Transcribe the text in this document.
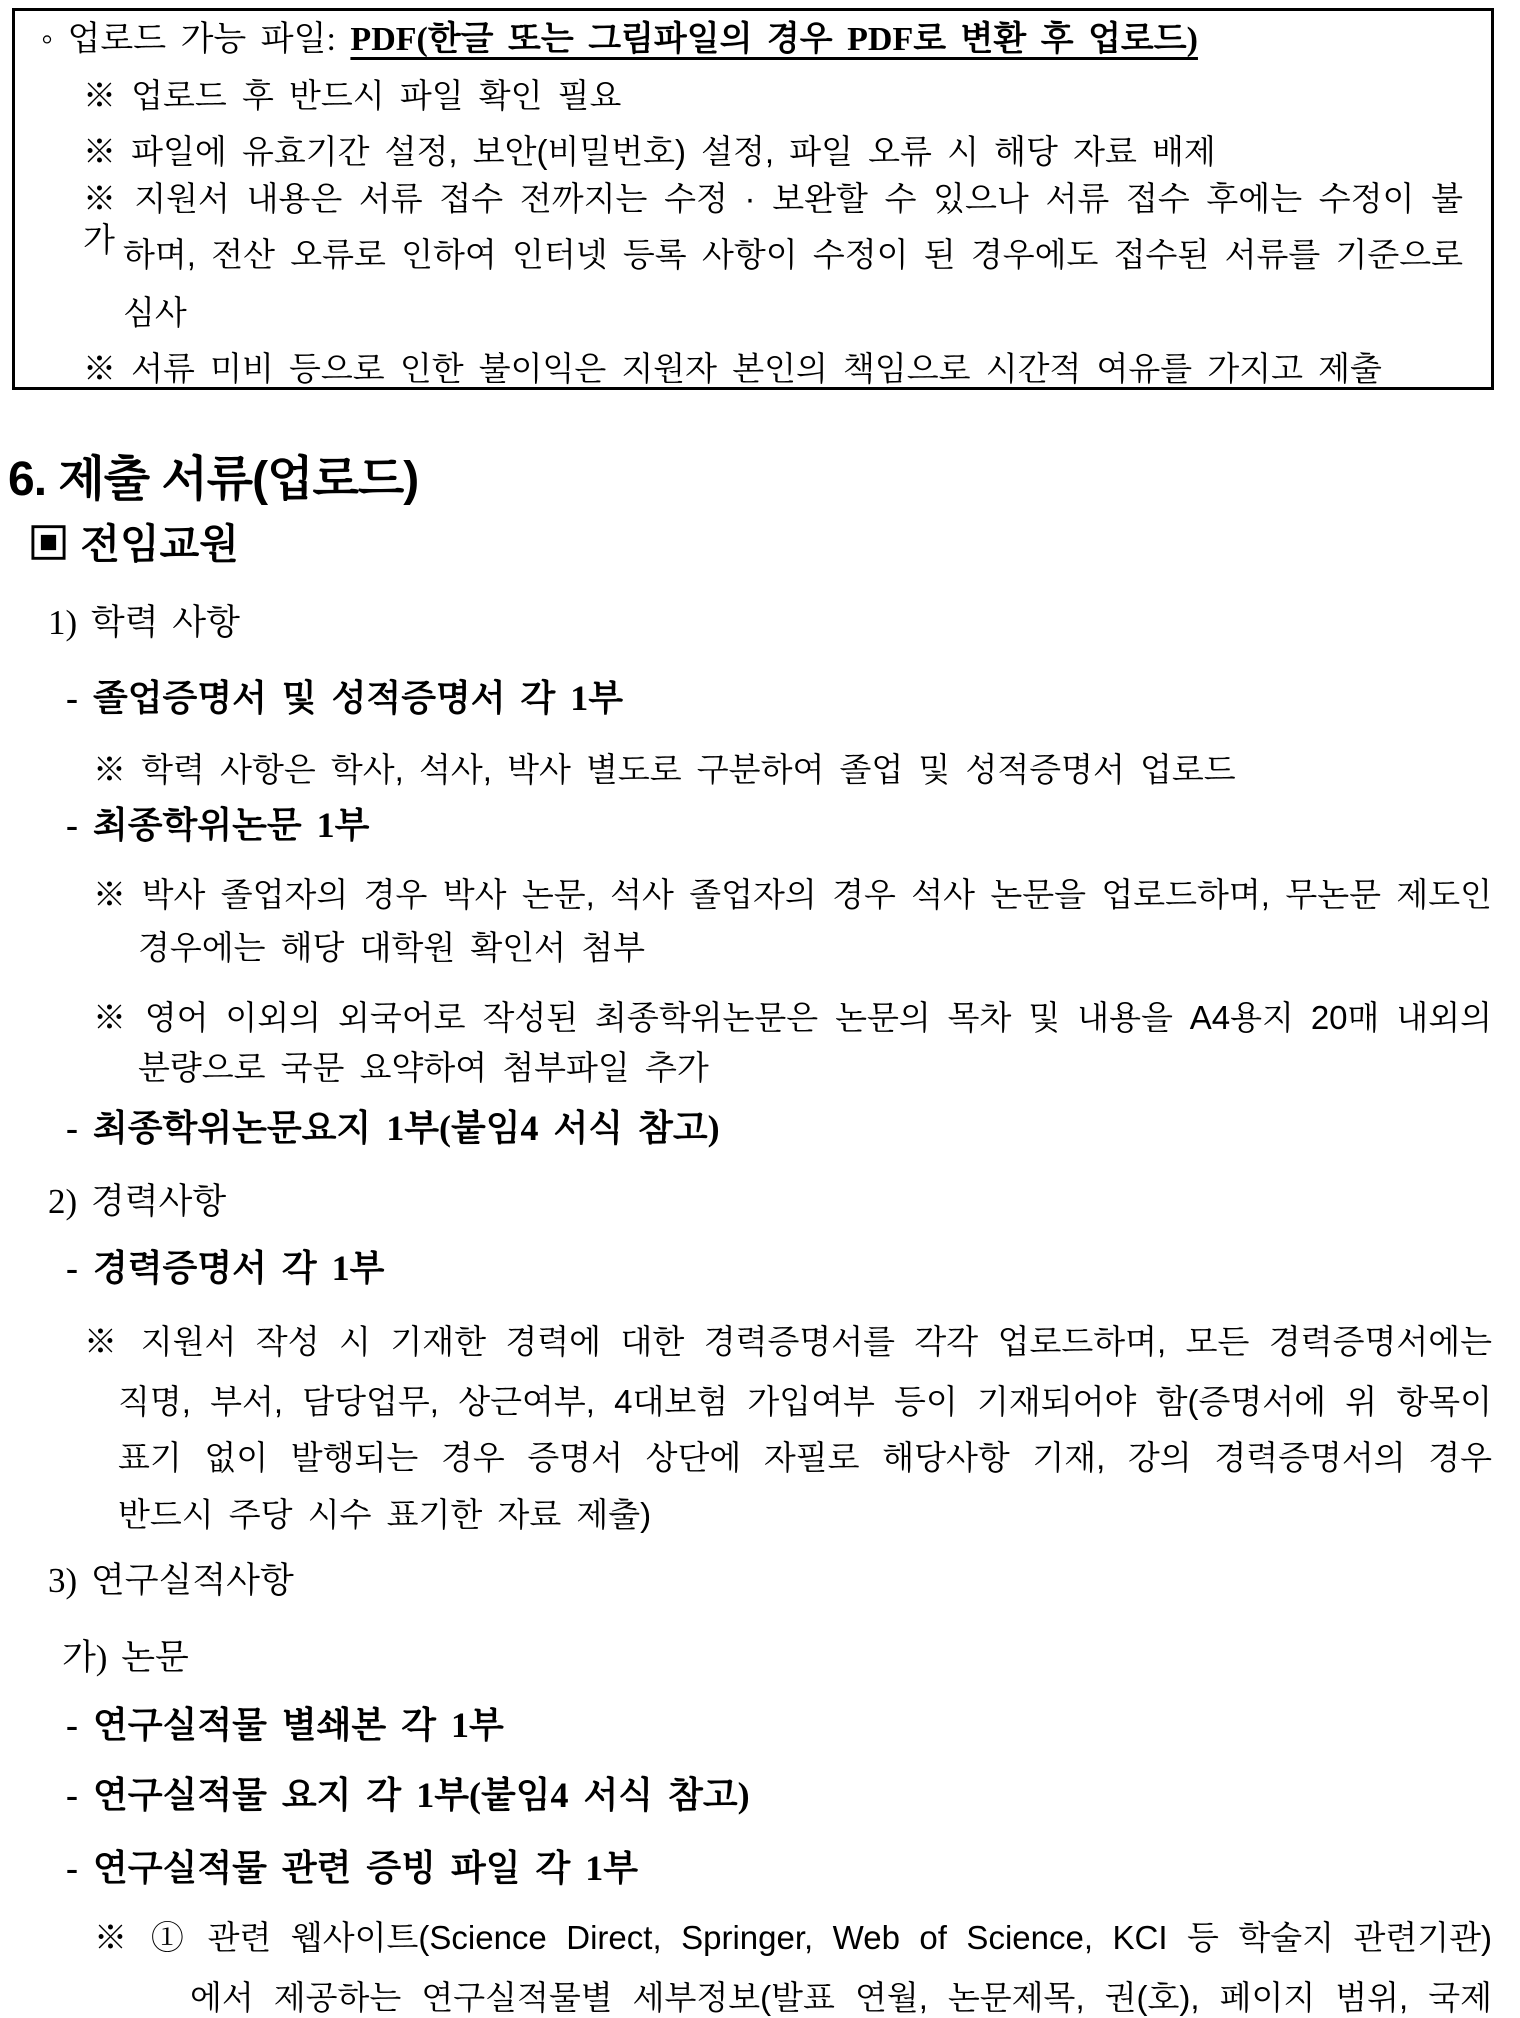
◦ 업로드 가능 파일: PDF(한글 또는 그림파일의 경우 PDF로 변환 후 업로드)
※ 업로드 후 반드시 파일 확인 필요
※ 파일에 유효기간 설정, 보안(비밀번호) 설정, 파일 오류 시 해당 자료 배제
※ 지원서 내용은 서류 접수 전까지는 수정 · 보완할 수 있으나 서류 접수 후에는 수정이 불가 하며, 전산 오류로 인하여 인터넷 등록 사항이 수정이 된 경우에도 접수된 서류를 기준으로
심사
※ 서류 미비 등으로 인한 불이익은 지원자 본인의 책임으로 시간적 여유를 가지고 제출
6. 제출 서류(업로드)
▣ 전임교원
1) 학력 사항
- 졸업증명서 및 성적증명서 각 1부
※ 학력 사항은 학사, 석사, 박사 별도로 구분하여 졸업 및 성적증명서 업로드
- 최종학위논문 1부
※ 박사 졸업자의 경우 박사 논문, 석사 졸업자의 경우 석사 논문을 업로드하며, 무논문 제도인
경우에는 해당 대학원 확인서 첨부
※ 영어 이외의 외국어로 작성된 최종학위논문은 논문의 목차 및 내용을 A4용지 20매 내외의
분량으로 국문 요약하여 첨부파일 추가
- 최종학위논문요지 1부(붙임4 서식 참고)
2) 경력사항
- 경력증명서 각 1부
※ 지원서 작성 시 기재한 경력에 대한 경력증명서를 각각 업로드하며, 모든 경력증명서에는
직명, 부서, 담당업무, 상근여부, 4대보험 가입여부 등이 기재되어야 함(증명서에 위 항목이
표기 없이 발행되는 경우 증명서 상단에 자필로 해당사항 기재, 강의 경력증명서의 경우
반드시 주당 시수 표기한 자료 제출)
3) 연구실적사항
가) 논문
- 연구실적물 별쇄본 각 1부
- 연구실적물 요지 각 1부(붙임4 서식 참고)
- 연구실적물 관련 증빙 파일 각 1부
※ ① 관련 웹사이트(Science Direct, Springer, Web of Science, KCI 등 학술지 관련기관)
에서 제공하는 연구실적물별 세부정보(발표 연월, 논문제목, 권(호), 페이지 범위, 국제
